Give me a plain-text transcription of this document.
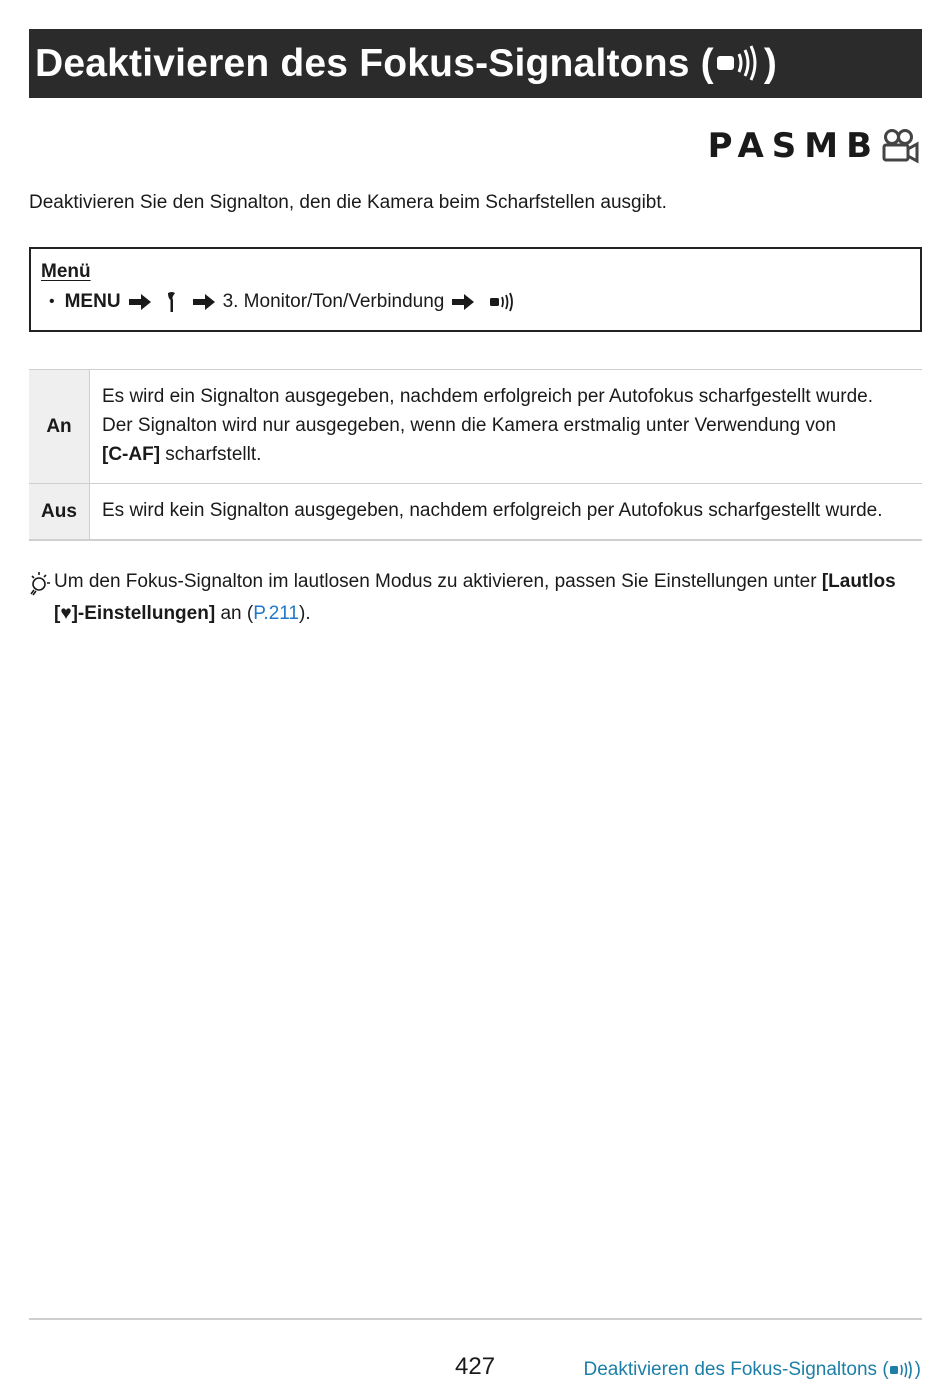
Deaktivieren des Fokus-Signaltons ( )
PASMB
Deaktivieren Sie den Signalton, den die Kamera beim Scharfstellen ausgibt.
Menü
• MENU	3. Monitor/Ton/Verbindung
An	Es wird ein Signalton ausgegeben, nachdem erfolgreich per Autofokus scharfgestellt wurde.
Der Signalton wird nur ausgegeben, wenn die Kamera erstmalig unter Verwendung von
[C-AF] scharfstellt.
Aus	Es wird kein Signalton ausgegeben, nachdem erfolgreich per Autofokus scharfgestellt wurde.
Um den Fokus-Signalton im lautlosen Modus zu aktivieren, passen Sie Einstellungen unter [Lautlos
[♥]-Einstellungen] an (P.211).
427	Deaktivieren des Fokus-Signaltons ( )
